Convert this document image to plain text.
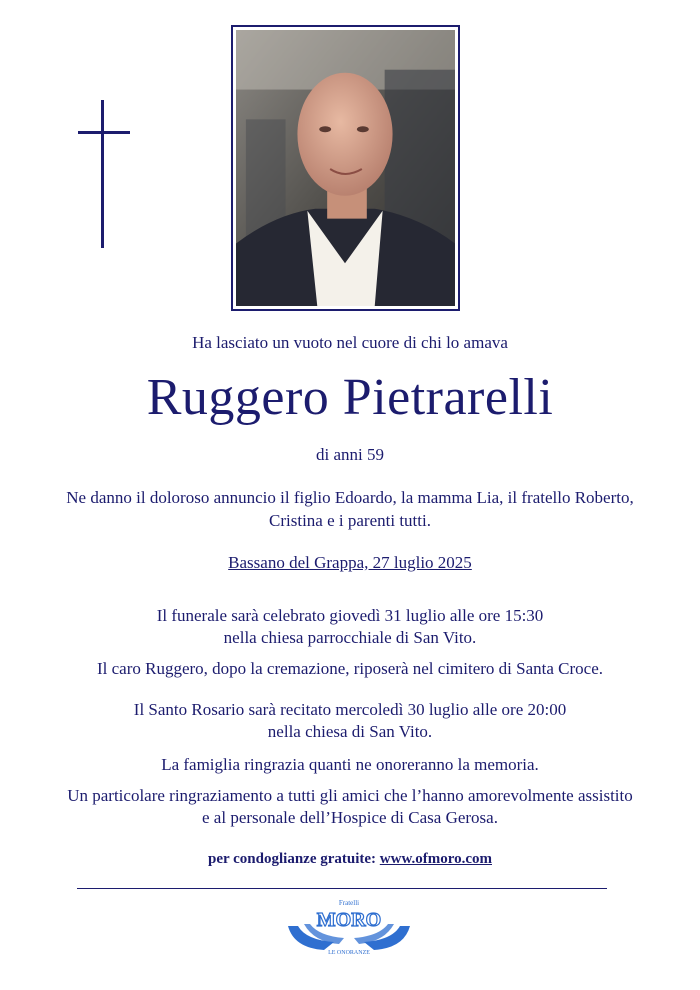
Ha lasciato un vuoto nel cuore di chi lo amava
Ruggero Pietrarelli
di anni 59
Ne danno il doloroso annuncio il figlio Edoardo, la mamma Lia, il fratello Roberto,
Cristina e i parenti tutti.
Bassano del Grappa, 27 luglio 2025
Il funerale sarà celebrato giovedì 31 luglio alle ore 15:30
nella chiesa parrocchiale di San Vito.
Il caro Ruggero, dopo la cremazione, riposerà nel cimitero di Santa Croce.
Il Santo Rosario sarà recitato mercoledì 30 luglio alle ore 20:00
nella chiesa di San Vito.
La famiglia ringrazia quanti ne onoreranno la memoria.
Un particolare ringraziamento a tutti gli amici che l’hanno amorevolmente assistito
e al personale dell’Hospice di Casa Gerosa.
per condoglianze gratuite: www.ofmoro.com
Fratelli
MORO
LE ONORANZE
